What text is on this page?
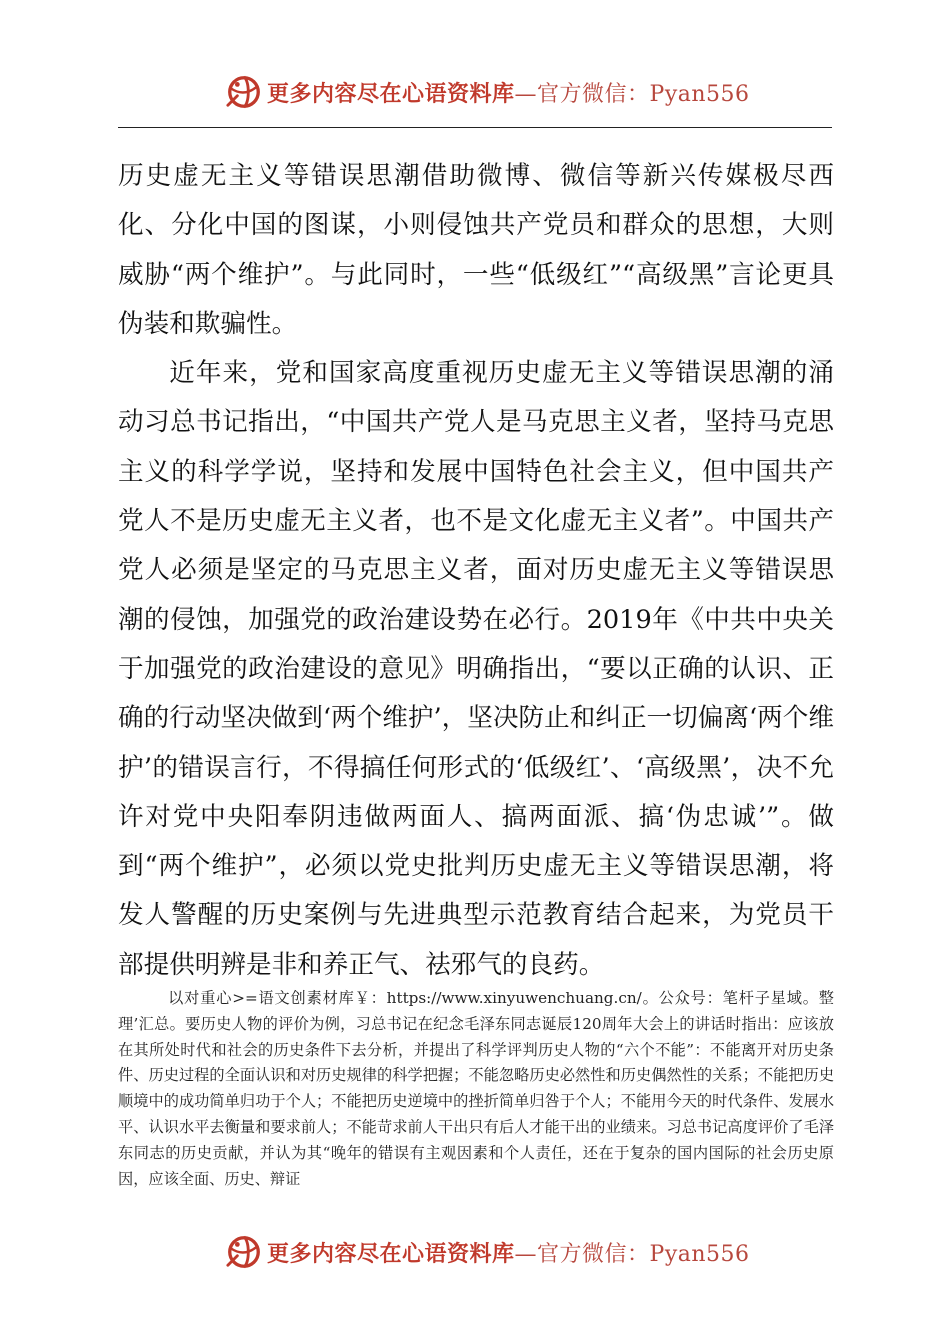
更多内容尽在心语资料库—官方微信：Pyan556

历史虚无主义等错误思潮借助微博、微信等新兴传媒极尽西化、分化中国的图谋，小则侵蚀共产党员和群众的思想，大则威胁“两个维护”。与此同时，一些“低级红”“高级黑”言论更具伪装和欺骗性。

近年来，党和国家高度重视历史虚无主义等错误思潮的涌动习总书记指出，“中国共产党人是马克思主义者，坚持马克思主义的科学学说，坚持和发展中国特色社会主义，但中国共产党人不是历史虚无主义者，也不是文化虚无主义者”。中国共产党人必须是坚定的马克思主义者，面对历史虚无主义等错误思潮的侵蚀，加强党的政治建设势在必行。2019年《中共中央关于加强党的政治建设的意见》明确指出，“要以正确的认识、正确的行动坚决做到‘两个维护’，坚决防止和纠正一切偏离‘两个维护’的错误言行，不得搞任何形式的‘低级红’、‘高级黑’，决不允许对党中央阳奉阴违做两面人、搞两面派、搞‘伪忠诚’”。做到“两个维护”，必须以党史批判历史虚无主义等错误思潮，将发人警醒的历史案例与先进典型示范教育结合起来，为党员干部提供明辨是非和养正气、祛邪气的良药。

以对重心>=语文创素材库￥：https://www.xinyuwenchuang.cn/。公众号：笔杆子星域。整理’汇总。要历史人物的评价为例，习总书记在纪念毛泽东同志诞辰120周年大会上的讲话时指出：应该放在其所处时代和社会的历史条件下去分析，并提出了科学评判历史人物的“六个不能”：不能离开对历史条件、历史过程的全面认识和对历史规律的科学把握；不能忽略历史必然性和历史偶然性的关系；不能把历史顺境中的成功简单归功于个人；不能把历史逆境中的挫折简单归咎于个人；不能用今天的时代条件、发展水平、认识水平去衡量和要求前人；不能苛求前人干出只有后人才能干出的业绩来。习总书记高度评价了毛泽东同志的历史贡献，并认为其“晚年的错误有主观因素和个人责任，还在于复杂的国内国际的社会历史原因，应该全面、历史、辩证

更多内容尽在心语资料库—官方微信：Pyan556
